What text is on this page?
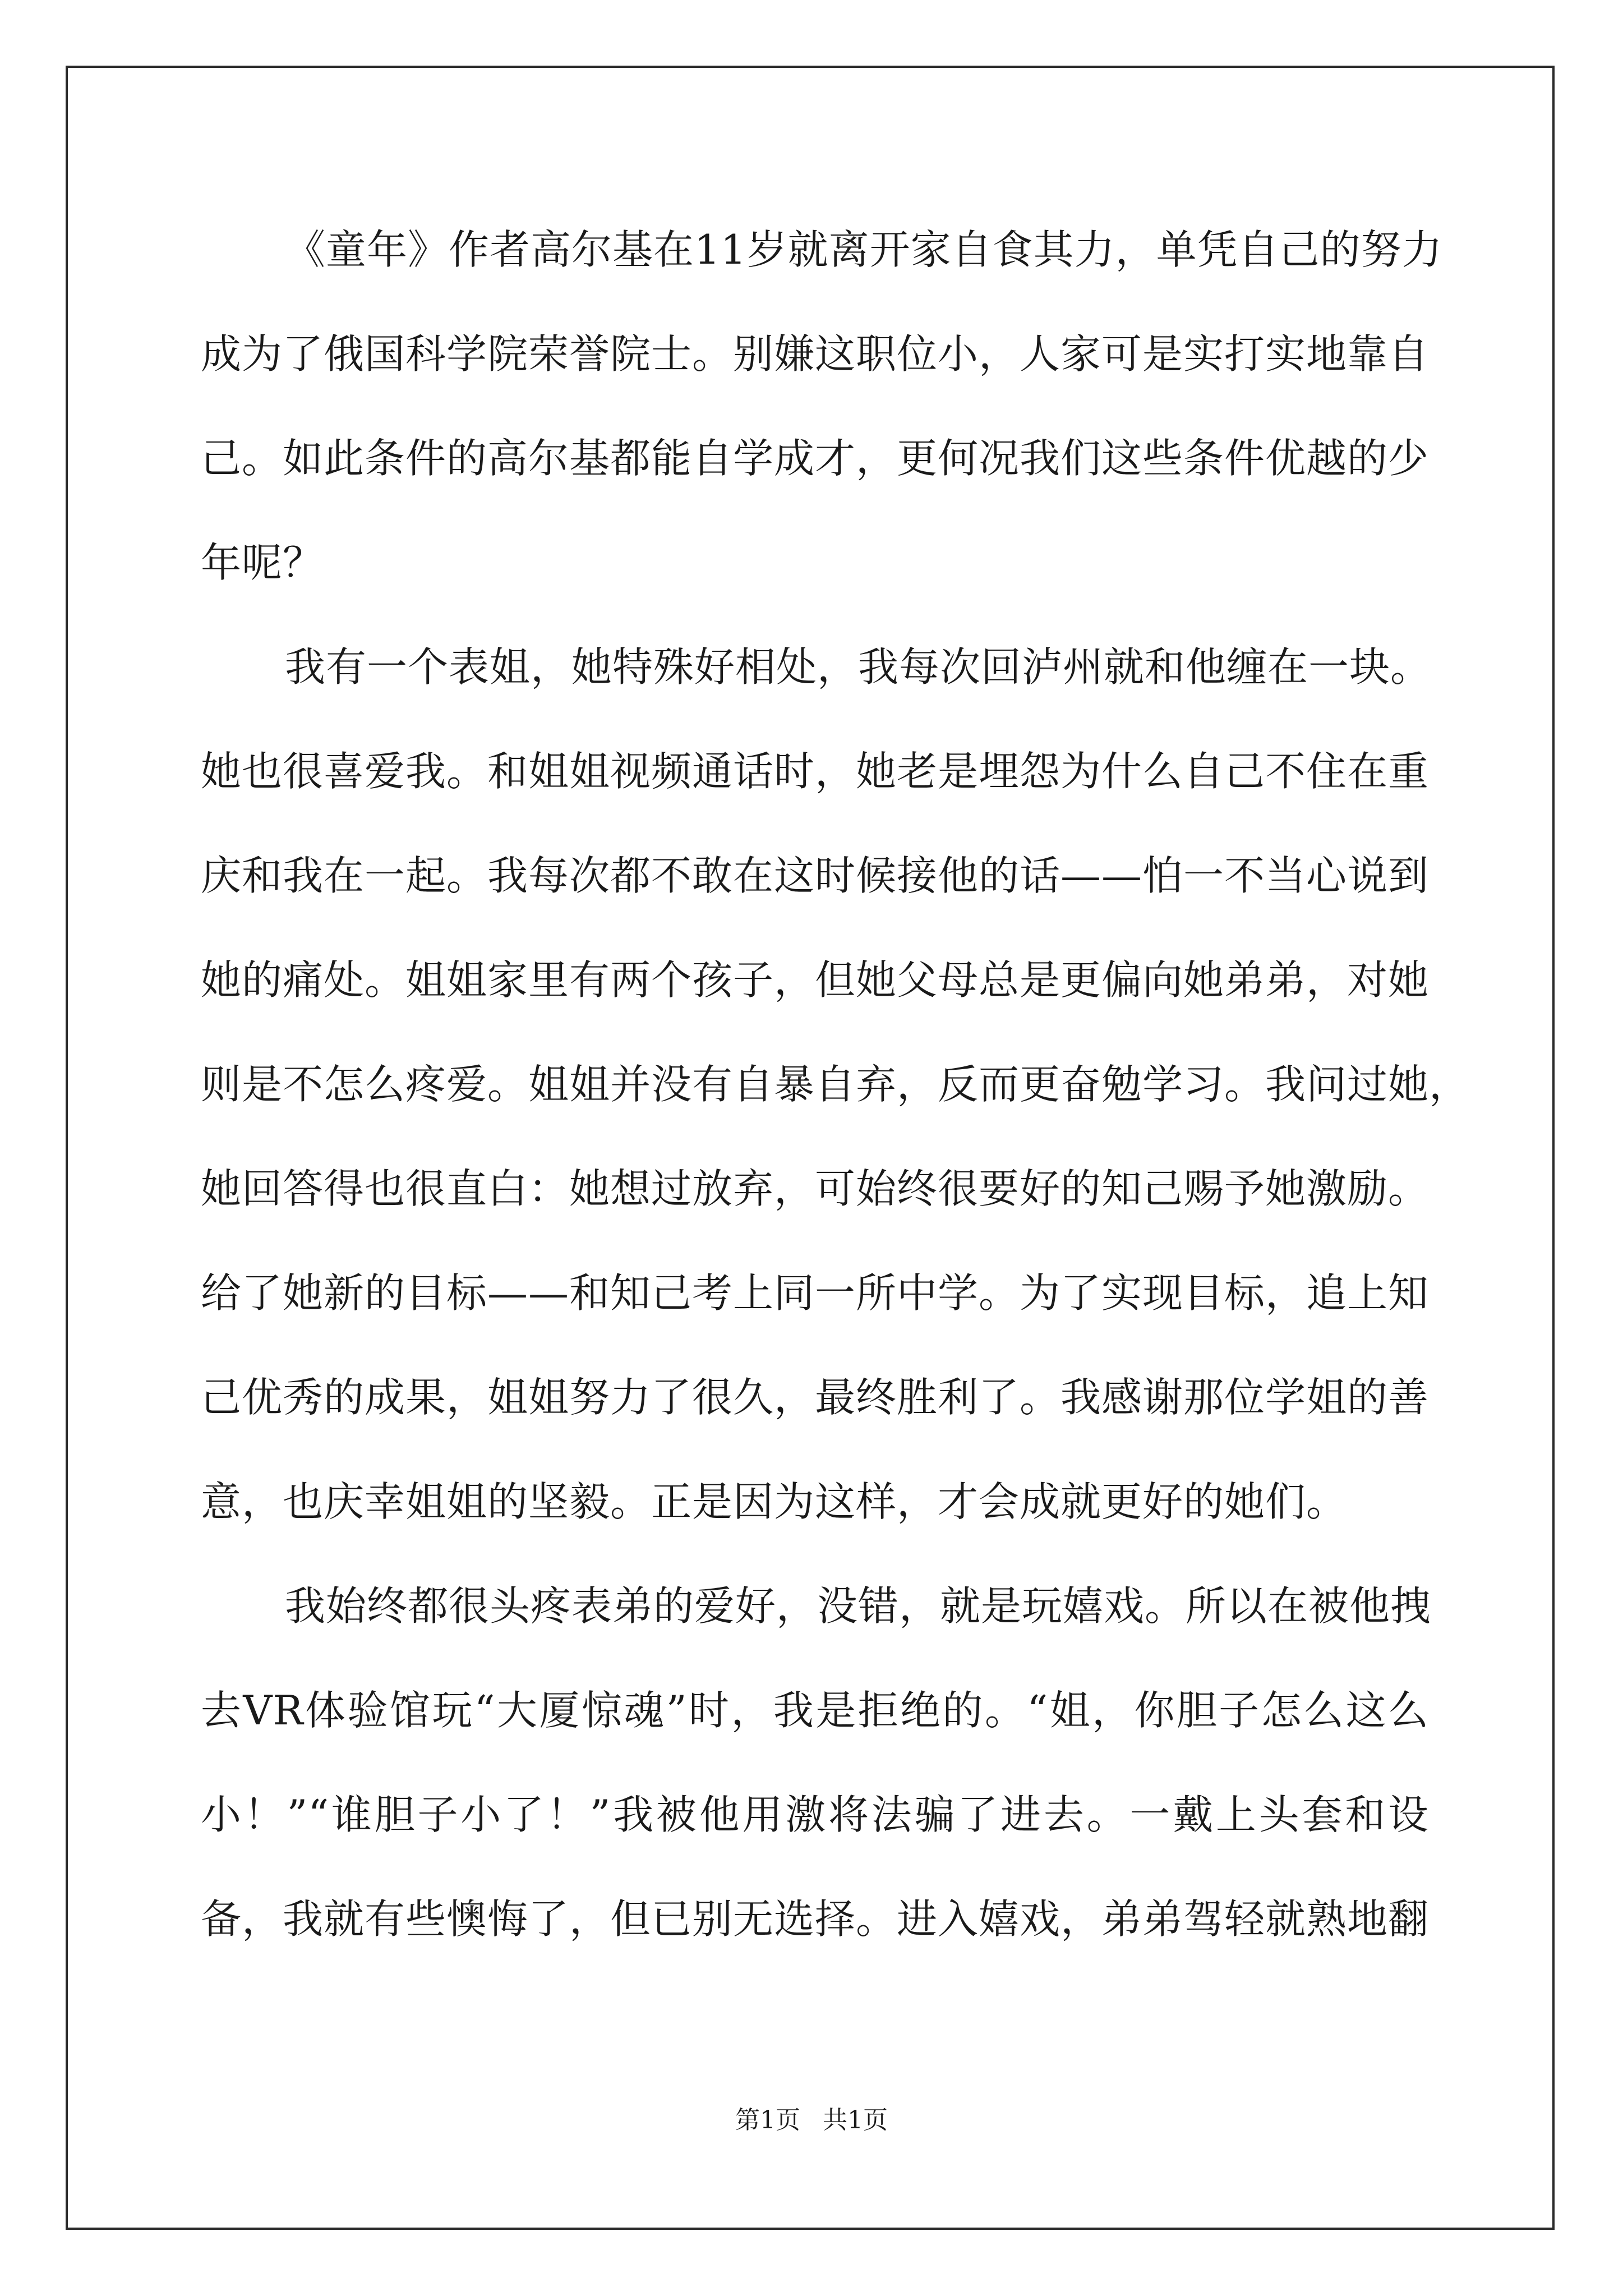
《童年》作者高尔基在11岁就离开家自食其力，单凭自己的努力
成为了俄国科学院荣誉院士。别嫌这职位小，人家可是实打实地靠自
己。如此条件的高尔基都能自学成才，更何况我们这些条件优越的少
年呢？
我有一个表姐，她特殊好相处，我每次回泸州就和他缠在一块。
她也很喜爱我。和姐姐视频通话时，她老是埋怨为什么自己不住在重
庆和我在一起。我每次都不敢在这时候接他的话——怕一不当心说到
她的痛处。姐姐家里有两个孩子，但她父母总是更偏向她弟弟，对她
则是不怎么疼爱。姐姐并没有自暴自弃，反而更奋勉学习。我问过她，
她回答得也很直白：她想过放弃，可始终很要好的知己赐予她激励。
给了她新的目标——和知己考上同一所中学。为了实现目标，追上知
己优秀的成果，姐姐努力了很久，最终胜利了。我感谢那位学姐的善
意，也庆幸姐姐的坚毅。正是因为这样，才会成就更好的她们。
我始终都很头疼表弟的爱好，没错，就是玩嬉戏。所以在被他拽
去VR体验馆玩“大厦惊魂”时，我是拒绝的。“姐，你胆子怎么这么
小！”“谁胆子小了！”我被他用激将法骗了进去。一戴上头套和设
备，我就有些懊悔了，但已别无选择。进入嬉戏，弟弟驾轻就熟地翻
第1页 共1页
